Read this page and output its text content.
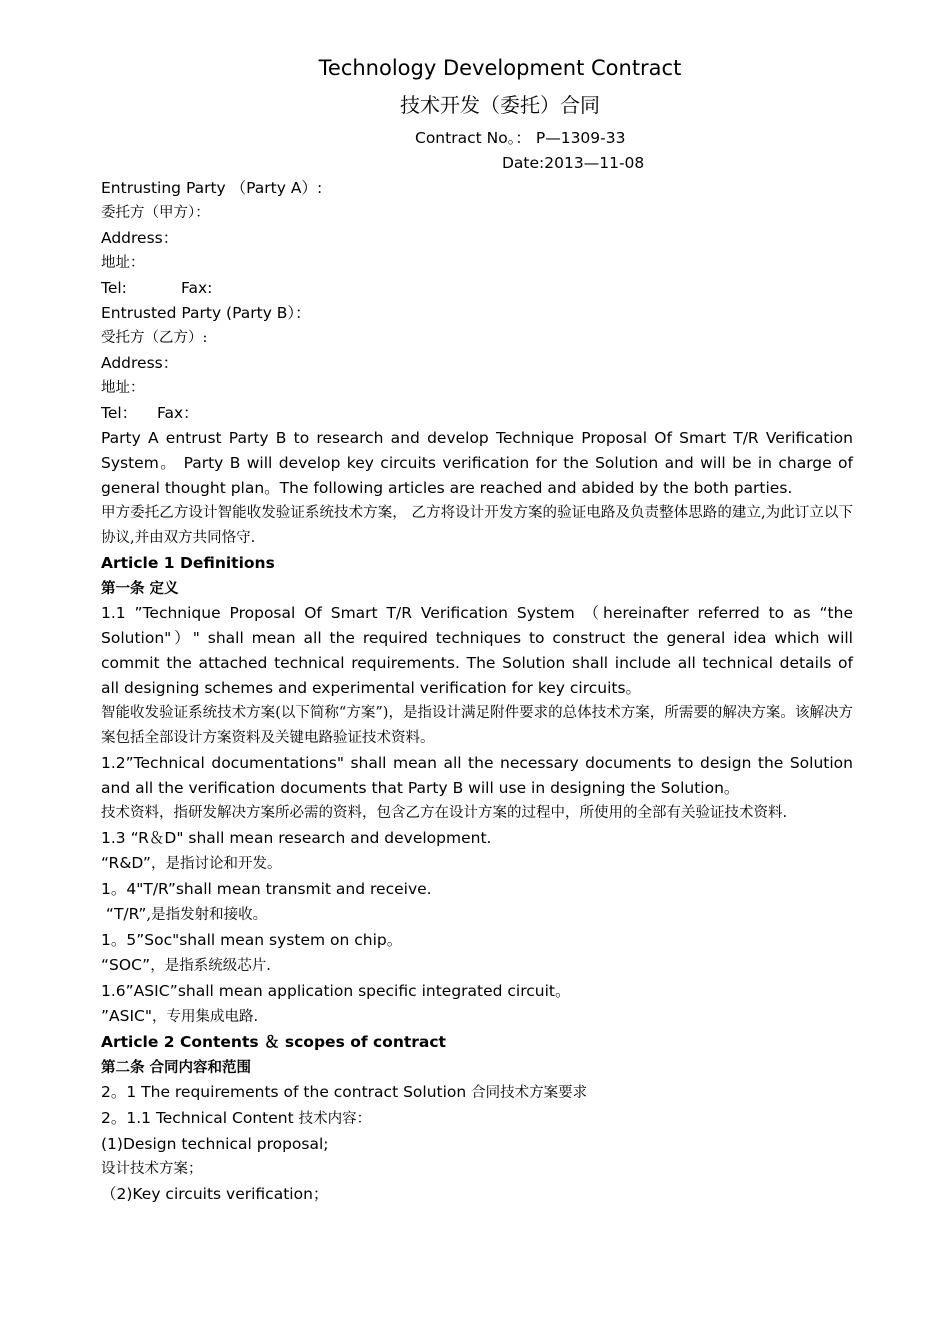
Technology Development Contract
技术开发（委托）合同
Contract No。： P—1309-33
Date:2013—11-08
Entrusting Party （Party A）:
委托方（甲方）：
Address：
地址：
Tel:	Fax:
Entrusted Party (Party B）：
受托方（乙方）:
Address：
地址：
Tel： Fax：
Party A entrust Party B to research and develop Technique Proposal Of Smart T/R Verification System。 Party B will develop key circuits verification for the Solution and will be in charge of general thought plan。The following articles are reached and abided by the both parties.
甲方委托乙方设计智能收发验证系统技术方案， 乙方将设计开发方案的验证电路及负责整体思路的建立,为此订立以下协议,并由双方共同恪守.
Article 1 Definitions
第一条 定义
1.1 ”Technique Proposal Of Smart T/R Verification System （hereinafter referred to as “the Solution"）" shall mean all the required techniques to construct the general idea which will commit the attached technical requirements. The Solution shall include all technical details of all designing schemes and experimental verification for key circuits。
智能收发验证系统技术方案(以下简称“方案”)，是指设计满足附件要求的总体技术方案，所需要的解决方案。该解决方案包括全部设计方案资料及关键电路验证技术资料。
1.2”Technical documentations" shall mean all the necessary documents to design the Solution and all the verification documents that Party B will use in designing the Solution。
技术资料，指研发解决方案所必需的资料，包含乙方在设计方案的过程中，所使用的全部有关验证技术资料.
1.3 “R＆D" shall mean research and development.
“R&D”，是指讨论和开发。
1。4"T/R”shall mean transmit and receive.
“T/R”,是指发射和接收。
1。5”Soc"shall mean system on chip。
“SOC”，是指系统级芯片.
1.6”ASIC”shall mean application specific integrated circuit。
”ASIC"，专用集成电路.
Article 2 Contents ＆ scopes of contract
第二条 合同内容和范围
2。1 The requirements of the contract Solution 合同技术方案要求
2。1.1 Technical Content 技术内容：
(1)Design technical proposal;
设计技术方案；
（2)Key circuits verification；
